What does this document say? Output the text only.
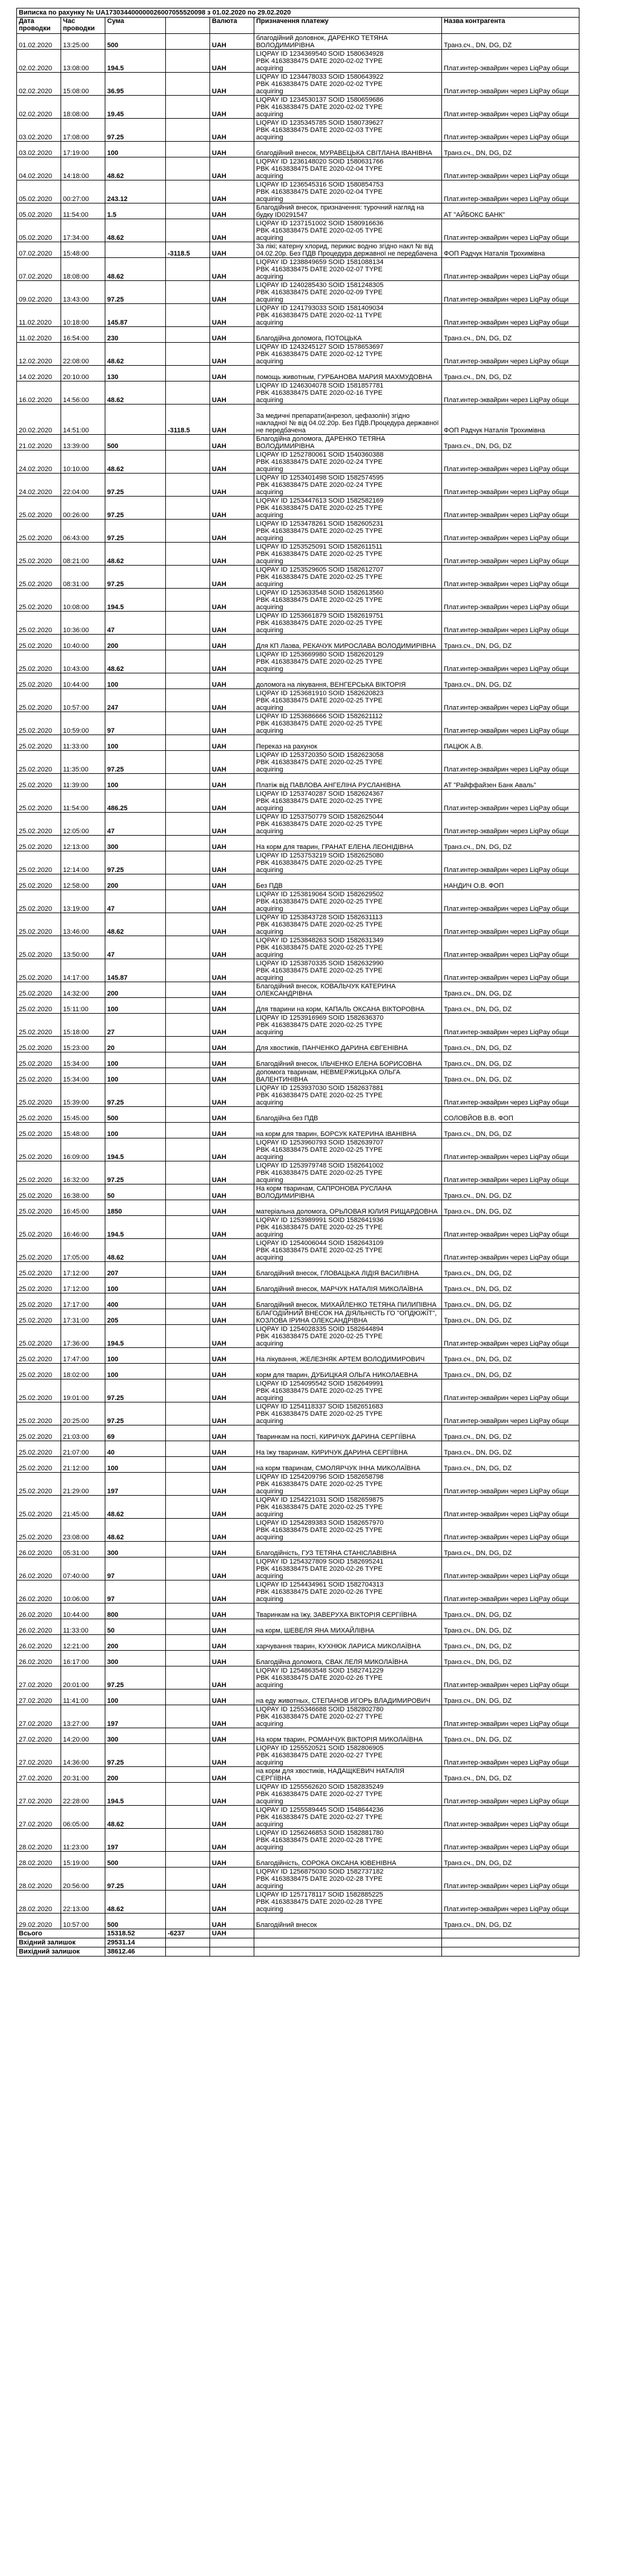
Виписка по рахунку № UA173034400000026007055520098 з 01.02.2020 по 29.02.2020						
Дата проводки	Час проводки	Сума		Валюта	Призначення платежу	Назва контрагента
01.02.2020	13:25:00	500		UAH	благодійний доловнок, ДАРЕНКО ТЕТЯНА ВОЛОДИМИРІВНА	Транз.сч., DN, DG, DZ
02.02.2020	13:08:00	194.5		UAH	LIQPAY ID 1234369540 SOID 1580634928
PBK 4163838475 DATE 2020-02-02 TYPE
acquiring	Плат.интер-эквайрин через LiqPay общи
02.02.2020	15:08:00	36.95		UAH	LIQPAY ID 1234478033 SOID 1580643922
PBK 4163838475 DATE 2020-02-02 TYPE
acquiring	Плат.интер-эквайрин через LiqPay общи
02.02.2020	18:08:00	19.45		UAH	LIQPAY ID 1234530137 SOID 1580659686
PBK 4163838475 DATE 2020-02-02 TYPE
acquiring	Плат.интер-эквайрин через LiqPay общи
03.02.2020	17:08:00	97.25		UAH	LIQPAY ID 1235345785 SOID 1580739627
PBK 4163838475 DATE 2020-02-03 TYPE
acquiring	Плат.интер-эквайрин через LiqPay общи
03.02.2020	17:19:00	100		UAH	благодійний внесок, МУРАВЕЦЬКА СВІТЛАНА ІВАНІВНА	Транз.сч., DN, DG, DZ
04.02.2020	14:18:00	48.62		UAH	LIQPAY ID 1236148020 SOID 1580631766
PBK 4163838475 DATE 2020-02-04 TYPE
acquiring	Плат.интер-эквайрин через LiqPay общи
05.02.2020	00:27:00	243.12		UAH	LIQPAY ID 1236545316 SOID 1580854753
PBK 4163838475 DATE 2020-02-04 TYPE
acquiring	Плат.интер-эквайрин через LiqPay общи
05.02.2020	11:54:00	1.5		UAH	Благодійний внесок, призначення: турочний нагляд на будку ID0291547	АТ "АЙБОКС БАНК"
05.02.2020	17:34:00	48.62		UAH	LIQPAY ID 1237151002 SOID 1580916636
PBK 4163838475 DATE 2020-02-05 TYPE
acquiring	Плат.интер-эквайрин через LiqPay общи
07.02.2020	15:48:00		-3118.5	UAH	За лікі; катерну хлорид, перикис водню згідно накл № від 04.02.20р. Без ПДВ Процедура державної не передбачена	ФОП Радчук Наталія Трохимівна
07.02.2020	18:08:00	48.62		UAH	LIQPAY ID 1238849659 SOID 1581088134
PBK 4163838475 DATE 2020-02-07 TYPE
acquiring	Плат.интер-эквайрин через LiqPay общи
09.02.2020	13:43:00	97.25		UAH	LIQPAY ID 1240285430 SOID 1581248305
PBK 4163838475 DATE 2020-02-09 TYPE
acquiring	Плат.интер-эквайрин через LiqPay общи
11.02.2020	10:18:00	145.87		UAH	LIQPAY ID 1241793033 SOID 1581409034
PBK 4163838475 DATE 2020-02-11 TYPE
acquiring	Плат.интер-эквайрин через LiqPay общи
11.02.2020	16:54:00	230		UAH	Благодійна доломога, ПОТОЦЬКА	Транз.сч., DN, DG, DZ
12.02.2020	22:08:00	48.62		UAH	LIQPAY ID 1243245127 SOID 1578653697
PBK 4163838475 DATE 2020-02-12 TYPE
acquiring	Плат.интер-эквайрин через LiqPay общи
14.02.2020	20:10:00	130		UAH	помощь животным, ГУРБАНОВА МАРИЯ МАХМУДОВНА	Транз.сч., DN, DG, DZ
16.02.2020	14:56:00	48.62		UAH	LIQPAY ID 1246304078 SOID 1581857781
PBK 4163838475 DATE 2020-02-16 TYPE
acquiring	Плат.интер-эквайрин через LiqPay общи
20.02.2020	14:51:00		-3118.5	UAH	За медичні препарати(анрезол, цефазолін) згідно накладної № від 04.02.20р. Без ПДВ.Процедура державної не передбачена	ФОП Радчук Наталія Трохимівна
21.02.2020	13:39:00	500		UAH	Благодійна доломога, ДАРЕНКО ТЕТЯНА ВОЛОДИМИРІВНА	Транз.сч., DN, DG, DZ
24.02.2020	10:10:00	48.62		UAH	LIQPAY ID 1252780061 SOID 1540360388
PBK 4163838475 DATE 2020-02-24 TYPE
acquiring	Плат.интер-эквайрин через LiqPay общи
24.02.2020	22:04:00	97.25		UAH	LIQPAY ID 1253401498 SOID 1582574595
PBK 4163838475 DATE 2020-02-24 TYPE
acquiring	Плат.интер-эквайрин через LiqPay общи
25.02.2020	00:26:00	97.25		UAH	LIQPAY ID 1253447613 SOID 1582582169
PBK 4163838475 DATE 2020-02-25 TYPE
acquiring	Плат.интер-эквайрин через LiqPay общи
25.02.2020	06:43:00	97.25		UAH	LIQPAY ID 1253478261 SOID 1582605231
PBK 4163838475 DATE 2020-02-25 TYPE
acquiring	Плат.интер-эквайрин через LiqPay общи
25.02.2020	08:21:00	48.62		UAH	LIQPAY ID 1253525091 SOID 1582611511
PBK 4163838475 DATE 2020-02-25 TYPE
acquiring	Плат.интер-эквайрин через LiqPay общи
25.02.2020	08:31:00	97.25		UAH	LIQPAY ID 1253529605 SOID 1582612707
PBK 4163838475 DATE 2020-02-25 TYPE
acquiring	Плат.интер-эквайрин через LiqPay общи
25.02.2020	10:08:00	194.5		UAH	LIQPAY ID 1253633548 SOID 1582613560
PBK 4163838475 DATE 2020-02-25 TYPE
acquiring	Плат.интер-эквайрин через LiqPay общи
25.02.2020	10:36:00	47		UAH	LIQPAY ID 1253661879 SOID 1582619751
PBK 4163838475 DATE 2020-02-25 TYPE
acquiring	Плат.интер-эквайрин через LiqPay общи
25.02.2020	10:40:00	200		UAH	Для КП Лаэва, РЕКАЧУК МИРОСЛАВА ВОЛОДИМИРІВНА	Транз.сч., DN, DG, DZ
25.02.2020	10:43:00	48.62		UAH	LIQPAY ID 1253669980 SOID 1582620129
PBK 4163838475 DATE 2020-02-25 TYPE
acquiring	Плат.интер-эквайрин через LiqPay общи
25.02.2020	10:44:00	100		UAH	доломога на лікування, ВЕНГЕРСЬКА ВІКТОРІЯ	Транз.сч., DN, DG, DZ
25.02.2020	10:57:00	247		UAH	LIQPAY ID 1253681910 SOID 1582620823
PBK 4163838475 DATE 2020-02-25 TYPE
acquiring	Плат.интер-эквайрин через LiqPay общи
25.02.2020	10:59:00	97		UAH	LIQPAY ID 1253686666 SOID 1582621112
PBK 4163838475 DATE 2020-02-25 TYPE
acquiring	Плат.интер-эквайрин через LiqPay общи
25.02.2020	11:33:00	100		UAH	Переказ на рахунок	ПАЦЮК А.В.
25.02.2020	11:35:00	97.25		UAH	LIQPAY ID 1253720350 SOID 1582623058
PBK 4163838475 DATE 2020-02-25 TYPE
acquiring	Плат.интер-эквайрин через LiqPay общи
25.02.2020	11:39:00	100		UAH	Платіж від ПАВЛОВА АНГЕЛІНА РУСЛАНІВНА	АТ "Райффайзен Банк Аваль"
25.02.2020	11:54:00	486.25		UAH	LIQPAY ID 1253740287 SOID 1582624367
PBK 4163838475 DATE 2020-02-25 TYPE
acquiring	Плат.интер-эквайрин через LiqPay общи
25.02.2020	12:05:00	47		UAH	LIQPAY ID 1253750779 SOID 1582625044
PBK 4163838475 DATE 2020-02-25 TYPE
acquiring	Плат.интер-эквайрин через LiqPay общи
25.02.2020	12:13:00	300		UAH	На корм для тварин, ГРАНАТ ЕЛЕНА ЛЕОНІДІВНА	Транз.сч., DN, DG, DZ
25.02.2020	12:14:00	97.25		UAH	LIQPAY ID 1253753219 SOID 1582625080
PBK 4163838475 DATE 2020-02-25 TYPE
acquiring	Плат.интер-эквайрин через LiqPay общи
25.02.2020	12:58:00	200		UAH	Без ПДВ	НАНДИЧ О.В. ФОП
25.02.2020	13:19:00	47		UAH	LIQPAY ID 1253819064 SOID 1582629502
PBK 4163838475 DATE 2020-02-25 TYPE
acquiring	Плат.интер-эквайрин через LiqPay общи
25.02.2020	13:46:00	48.62		UAH	LIQPAY ID 1253843728 SOID 1582631113
PBK 4163838475 DATE 2020-02-25 TYPE
acquiring	Плат.интер-эквайрин через LiqPay общи
25.02.2020	13:50:00	47		UAH	LIQPAY ID 1253848263 SOID 1582631349
PBK 4163838475 DATE 2020-02-25 TYPE
acquiring	Плат.интер-эквайрин через LiqPay общи
25.02.2020	14:17:00	145.87		UAH	LIQPAY ID 1253870335 SOID 1582632990
PBK 4163838475 DATE 2020-02-25 TYPE
acquiring	Плат.интер-эквайрин через LiqPay общи
25.02.2020	14:32:00	200		UAH	Благодійний внесок, КОВАЛЬЧУК КАТЕРИНА ОЛЕКСАНДРІВНА	Транз.сч., DN, DG, DZ
25.02.2020	15:11:00	100		UAH	Для тварини на корм, КАПАЛЬ ОКСАНА ВІКТОРОВНА	Транз.сч., DN, DG, DZ
25.02.2020	15:18:00	27		UAH	LIQPAY ID 1253916969 SOID 1582636370
PBK 4163838475 DATE 2020-02-25 TYPE
acquiring	Плат.интер-эквайрин через LiqPay общи
25.02.2020	15:23:00	20		UAH	Для хвостиків, ПАНЧЕНКО ДАРИНА ЄВГЕНІВНА	Транз.сч., DN, DG, DZ
25.02.2020	15:34:00	100		UAH	Благодійний внесок, ІЛЬЧЕНКО ЕЛЕНА БОРИСОВНА	Транз.сч., DN, DG, DZ
25.02.2020	15:34:00	100		UAH	допомога тваринам, НЕВМЕРЖИЦЬКА ОЛЬГА ВАЛЕНТИНІВНА	Транз.сч., DN, DG, DZ
25.02.2020	15:39:00	97.25		UAH	LIQPAY ID 1253937030 SOID 1582637881
PBK 4163838475 DATE 2020-02-25 TYPE
acquiring	Плат.интер-эквайрин через LiqPay общи
25.02.2020	15:45:00	500		UAH	Благодійна без ПДВ	СОЛОВЙОВ В.В. ФОП
25.02.2020	15:48:00	100		UAH	на корм для тварин, БОРСУК КАТЕРИНА ІВАНІВНА	Транз.сч., DN, DG, DZ
25.02.2020	16:09:00	194.5		UAH	LIQPAY ID 1253960793 SOID 1582639707
PBK 4163838475 DATE 2020-02-25 TYPE
acquiring	Плат.интер-эквайрин через LiqPay общи
25.02.2020	16:32:00	97.25		UAH	LIQPAY ID 1253979748 SOID 1582641002
PBK 4163838475 DATE 2020-02-25 TYPE
acquiring	Плат.интер-эквайрин через LiqPay общи
25.02.2020	16:38:00	50		UAH	На корм тваринам, САПРОНОВА РУСЛАНА ВОЛОДИМИРІВНА	Транз.сч., DN, DG, DZ
25.02.2020	16:45:00	1850		UAH	матеріальна доломога, ОРЬЛОВАЯ ЮЛИЯ РИЩАРДОВНА	Транз.сч., DN, DG, DZ
25.02.2020	16:46:00	194.5		UAH	LIQPAY ID 1253989991 SOID 1582641936
PBK 4163838475 DATE 2020-02-25 TYPE
acquiring	Плат.интер-эквайрин через LiqPay общи
25.02.2020	17:05:00	48.62		UAH	LIQPAY ID 1254006044 SOID 1582643109
PBK 4163838475 DATE 2020-02-25 TYPE
acquiring	Плат.интер-эквайрин через LiqPay общи
25.02.2020	17:12:00	207		UAH	Благодійний внесок, ГЛОВАЦЬКА ЛІДІЯ ВАСИЛІВНА	Транз.сч., DN, DG, DZ
25.02.2020	17:12:00	100		UAH	Благодійний внесок, МАРЧУК НАТАЛІЯ МИКОЛАЇВНА	Транз.сч., DN, DG, DZ
25.02.2020	17:17:00	400		UAH	Благодійний внесок, МИХАЙЛЕНКО ТЕТЯНА ПИЛИПІВНА	Транз.сч., DN, DG, DZ
25.02.2020	17:31:00	205		UAH	БЛАГОДІЙНИЙ ВНЕСОК НА ДІЯЛЬНІСТЬ ГО "ОПДЮЖЇТ", КОЗЛОВА ІРИНА ОЛЕКСАНДРІВНА	Транз.сч., DN, DG, DZ
25.02.2020	17:36:00	194.5		UAH	LIQPAY ID 1254028335 SOID 1582644894
PBK 4163838475 DATE 2020-02-25 TYPE
acquiring	Плат.интер-эквайрин через LiqPay общи
25.02.2020	17:47:00	100		UAH	На лікування, ЖЕЛЕЗНЯК АРТЕМ ВОЛОДИМИРОВИЧ	Транз.сч., DN, DG, DZ
25.02.2020	18:02:00	100		UAH	корм для тварин, ДУБИЦКАЯ ОЛЬГА НИКОЛАЕВНА	Транз.сч., DN, DG, DZ
25.02.2020	19:01:00	97.25		UAH	LIQPAY ID 1254095542 SOID 1582649991
PBK 4163838475 DATE 2020-02-25 TYPE
acquiring	Плат.интер-эквайрин через LiqPay общи
25.02.2020	20:25:00	97.25		UAH	LIQPAY ID 1254118337 SOID 1582651683
PBK 4163838475 DATE 2020-02-25 TYPE
acquiring	Плат.интер-эквайрин через LiqPay общи
25.02.2020	21:03:00	69		UAH	Тваринкам на пості, КИРИЧУК ДАРИНА СЕРГІЇВНА	Транз.сч., DN, DG, DZ
25.02.2020	21:07:00	40		UAH	На їжу тваринам, КИРИЧУК ДАРИНА СЕРГІЇВНА	Транз.сч., DN, DG, DZ
25.02.2020	21:12:00	100		UAH	на корм тваринам, СМОЛЯРЧУК ІННА МИКОЛАЇВНА	Транз.сч., DN, DG, DZ
25.02.2020	21:29:00	197		UAH	LIQPAY ID 1254209796 SOID 1582658798
PBK 4163838475 DATE 2020-02-25 TYPE
acquiring	Плат.интер-эквайрин через LiqPay общи
25.02.2020	21:45:00	48.62		UAH	LIQPAY ID 1254221031 SOID 1582659875
PBK 4163838475 DATE 2020-02-25 TYPE
acquiring	Плат.интер-эквайрин через LiqPay общи
25.02.2020	23:08:00	48.62		UAH	LIQPAY ID 1254289383 SOID 1582657970
PBK 4163838475 DATE 2020-02-25 TYPE
acquiring	Плат.интер-эквайрин через LiqPay общи
26.02.2020	05:31:00	300		UAH	Благодійність, ГУЗ ТЕТЯНА СТАНІСЛАВІВНА	Транз.сч., DN, DG, DZ
26.02.2020	07:40:00	97		UAH	LIQPAY ID 1254327809 SOID 1582695241
PBK 4163838475 DATE 2020-02-26 TYPE
acquiring	Плат.интер-эквайрин через LiqPay общи
26.02.2020	10:06:00	97		UAH	LIQPAY ID 1254434961 SOID 1582704313
PBK 4163838475 DATE 2020-02-26 TYPE
acquiring	Плат.интер-эквайрин через LiqPay общи
26.02.2020	10:44:00	800		UAH	Тваринкам на їжу, ЗАВЕРУХА ВІКТОРІЯ СЕРГІЇВНА	Транз.сч., DN, DG, DZ
26.02.2020	11:33:00	50		UAH	на корм, ШЕВЕЛЯ ЯНА МИХАЙЛІВНА	Транз.сч., DN, DG, DZ
26.02.2020	12:21:00	200		UAH	харчування тварин, КУХНЮК ЛАРИСА МИКОЛАЇВНА	Транз.сч., DN, DG, DZ
26.02.2020	16:17:00	300		UAH	Благодійна доломога, СВАК ЛЕЛЯ МИКОЛАЇВНА	Транз.сч., DN, DG, DZ
27.02.2020	20:01:00	97.25		UAH	LIQPAY ID 1254863548 SOID 1582741229
PBK 4163838475 DATE 2020-02-26 TYPE
acquiring	Плат.интер-эквайрин через LiqPay общи
27.02.2020	11:41:00	100		UAH	на еду животных, СТЕПАНОВ ИГОРЬ ВЛАДИМИРОВИЧ	Транз.сч., DN, DG, DZ
27.02.2020	13:27:00	197		UAH	LIQPAY ID 1255346688 SOID 1582802780
PBK 4163838475 DATE 2020-02-27 TYPE
acquiring	Плат.интер-эквайрин через LiqPay общи
27.02.2020	14:20:00	300		UAH	На корм тварин, РОМАНЧУК ВІКТОРІЯ МИКОЛАЇВНА	Транз.сч., DN, DG, DZ
27.02.2020	14:36:00	97.25		UAH	LIQPAY ID 1255520521 SOID 1582806905
PBK 4163838475 DATE 2020-02-27 TYPE
acquiring	Плат.интер-эквайрин через LiqPay общи
27.02.2020	20:31:00	200		UAH	на корм для хвостиків, НАДАЩКЕВИЧ НАТАЛІЯ СЕРГІЇВНА	Транз.сч., DN, DG, DZ
27.02.2020	22:28:00	194.5		UAH	LIQPAY ID 1255562620 SOID 1582835249
PBK 4163838475 DATE 2020-02-27 TYPE
acquiring	Плат.интер-эквайрин через LiqPay общи
27.02.2020	06:05:00	48.62		UAH	LIQPAY ID 1255589445 SOID 1548644236
PBK 4163838475 DATE 2020-02-27 TYPE
acquiring	Плат.интер-эквайрин через LiqPay общи
28.02.2020	11:23:00	197		UAH	LIQPAY ID 1256246853 SOID 1582881780
PBK 4163838475 DATE 2020-02-28 TYPE
acquiring	Плат.интер-эквайрин через LiqPay общи
28.02.2020	15:19:00	500		UAH	Благодійність, СОРОКА ОКСАНА ЮВЕНІВНА	Транз.сч., DN, DG, DZ
28.02.2020	20:56:00	97.25		UAH	LIQPAY ID 1256875030 SOID 1582737182
PBK 4163838475 DATE 2020-02-28 TYPE
acquiring	Плат.интер-эквайрин через LiqPay общи
28.02.2020	22:13:00	48.62		UAH	LIQPAY ID 1257178117 SOID 1582885225
PBK 4163838475 DATE 2020-02-28 TYPE
acquiring	Плат.интер-эквайрин через LiqPay общи
29.02.2020	10:57:00	500		UAH	Благодійний внесок	Транз.сч., DN, DG, DZ
Всього		15318.52	-6237	UAH		
Вхідний залишок		29531.14				
Вихідний залишок		38612.46				
